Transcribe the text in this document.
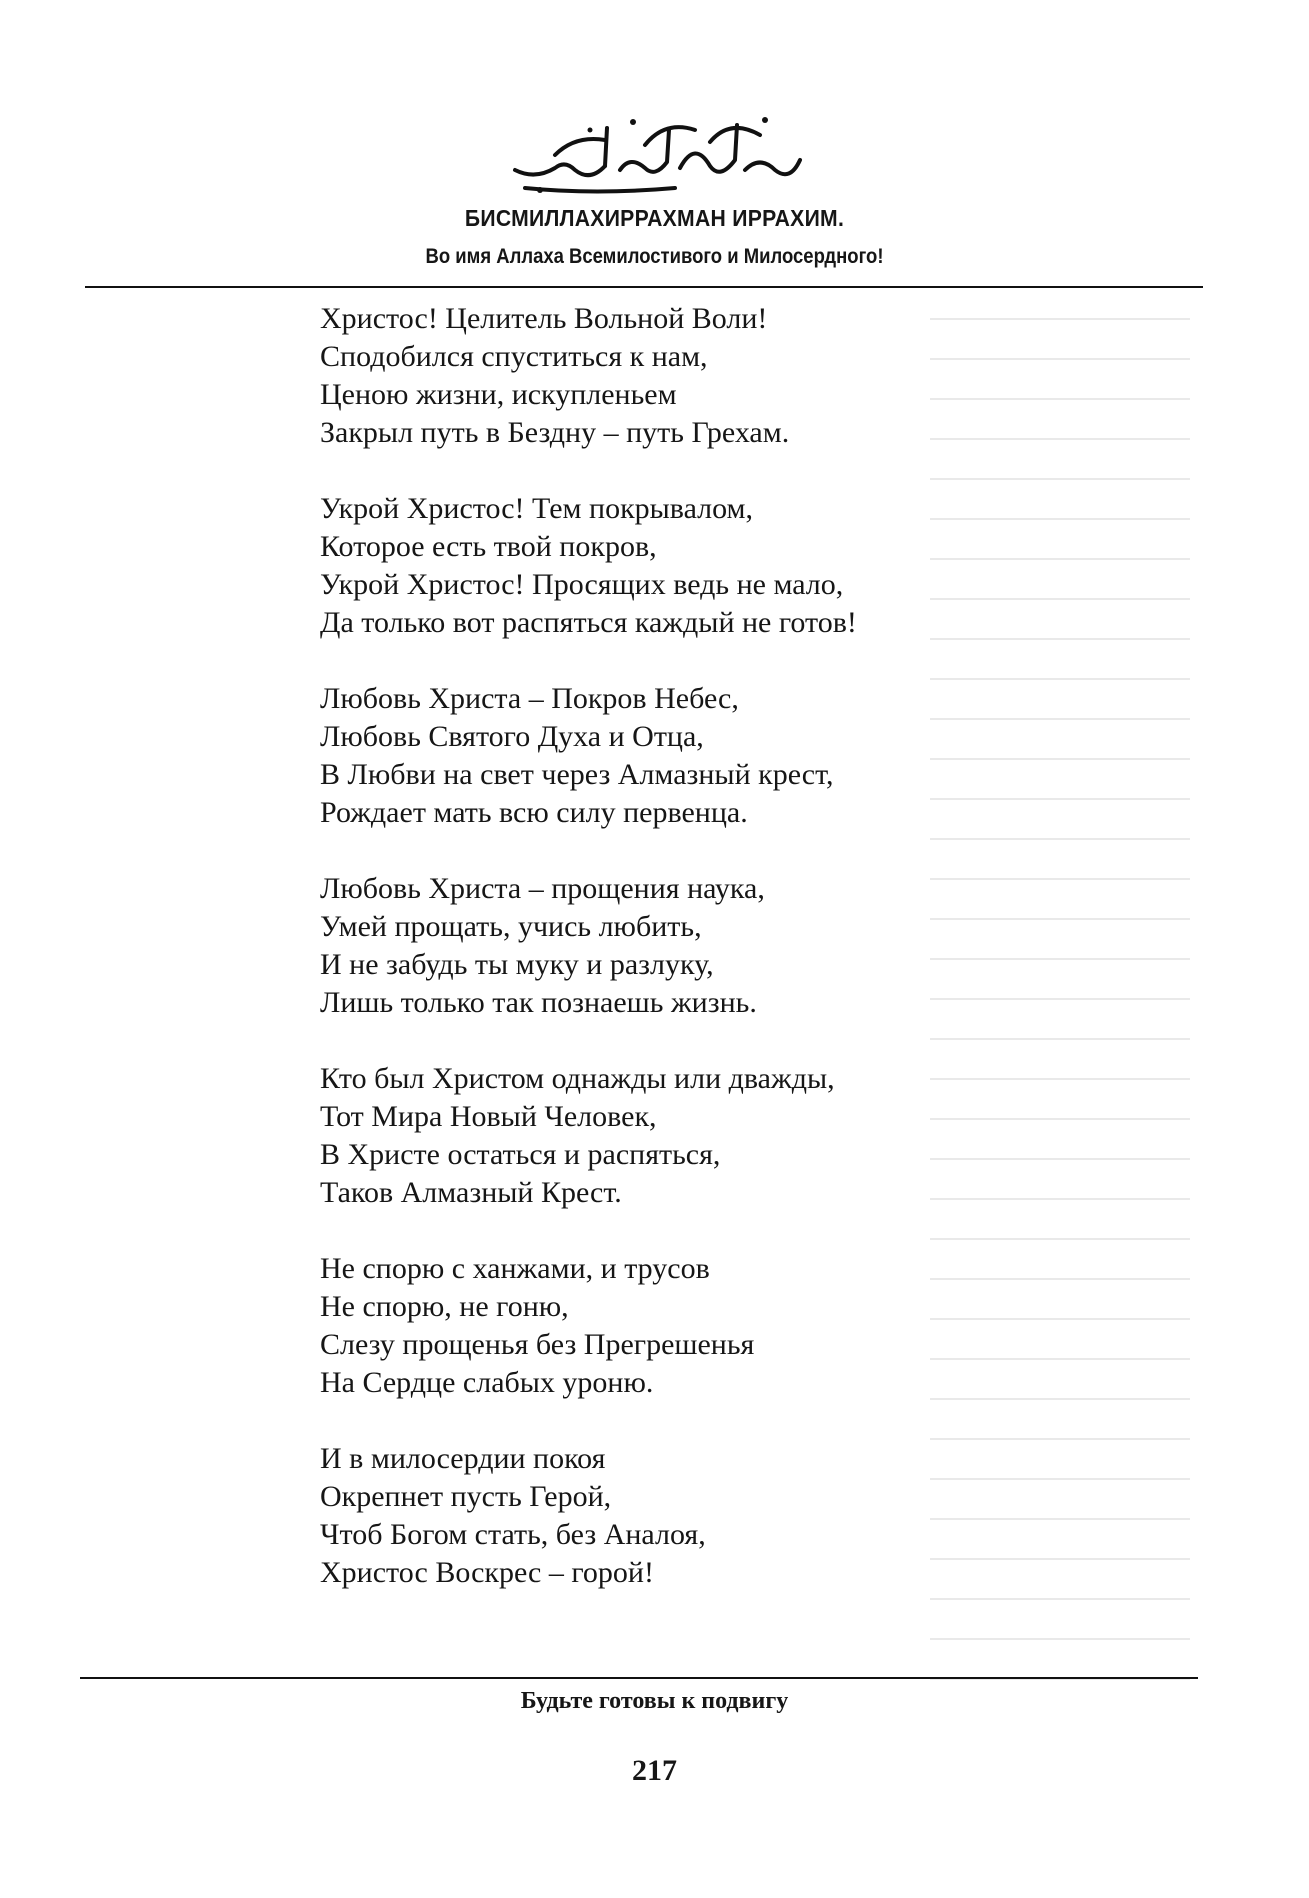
БИСМИЛЛАХИРРАХМАН ИРРАХИМ.
Во имя Аллаха Всемилостивого и Милосердного!
Христос! Целитель Вольной Воли!
Сподобился спуститься к нам,
Ценою жизни, искупленьем
Закрыл путь в Бездну – путь Грехам.
Укрой Христос! Тем покрывалом,
Которое есть твой покров,
Укрой Христос! Просящих ведь не мало,
Да только вот распяться каждый не готов!
Любовь Христа – Покров Небес,
Любовь Святого Духа и Отца,
В Любви на свет через Алмазный крест,
Рождает мать всю силу первенца.
Любовь Христа – прощения наука,
Умей прощать, учись любить,
И не забудь ты муку и разлуку,
Лишь только так познаешь жизнь.
Кто был Христом однажды или дважды,
Тот Мира Новый Человек,
В Христе остаться и распяться,
Таков Алмазный Крест.
Не спорю с ханжами, и трусов
Не спорю, не гоню,
Слезу прощенья без Прегрешенья
На Сердце слабых уроню.
И в милосердии покоя
Окрепнет пусть Герой,
Чтоб Богом стать, без Аналоя,
Христос Воскрес – горой!
Будьте готовы к подвигу
217
